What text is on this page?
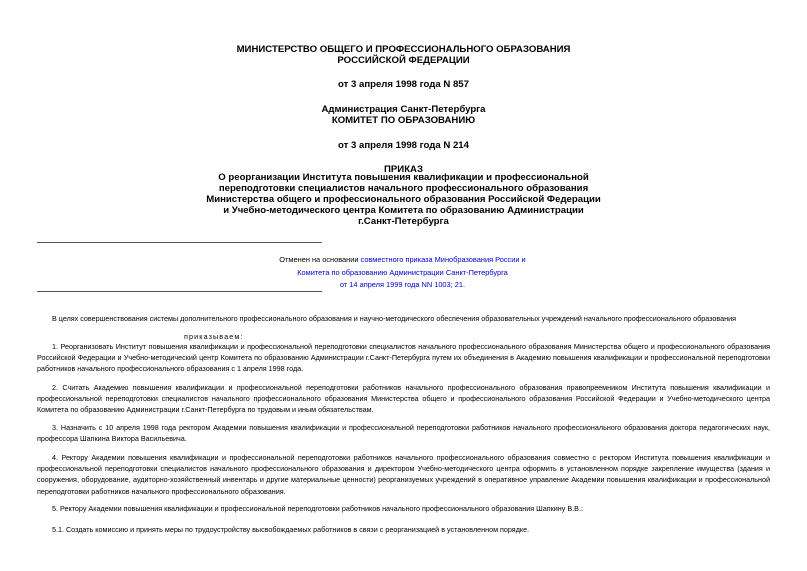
МИНИСТЕРСТВО ОБЩЕГО И ПРОФЕССИОНАЛЬНОГО ОБРАЗОВАНИЯ
РОССИЙСКОЙ ФЕДЕРАЦИИ
от 3 апреля 1998 года N 857
Администрация Санкт-Петербурга
КОМИТЕТ ПО ОБРАЗОВАНИЮ
от 3 апреля 1998 года N 214
ПРИКАЗ
О реорганизации Института повышения квалификации и профессиональной
переподготовки специалистов начального профессионального образования
Министерства общего и профессионального образования Российской Федерации
и Учебно-методического центра Комитета по образованию Администрации
г.Санкт-Петербурга
Отменен на основании совместного приказа Минобразования России и
Комитета по образованию Администрации Санкт-Петербурга
от 14 апреля 1999 года NN 1003; 21.
В целях совершенствования системы дополнительного профессионального образования и научно-методического обеспечения образовательных учреждений начального профессионального образования
приказываем:
1. Реорганизовать Институт повышения квалификации и профессиональной переподготовки специалистов начального профессионального образования Министерства общего и профессионального образования Российской Федерации и Учебно-методический центр Комитета по образованию Администрации г.Санкт-Петербурга путем их объединения в Академию повышения квалификации и профессиональной переподготовки работников начального профессионального образования с 1 апреля 1998 года.
2. Считать Академию повышения квалификации и профессиональной переподготовки работников начального профессионального образования правопреемником Института повышения квалификации и профессиональной переподготовки специалистов начального профессионального образования Министерства общего и профессионального образования Российской Федерации и Учебно-методического центра Комитета по образованию Администрации г.Санкт-Петербурга по трудовым и иным обязательствам.
3. Назначить с 10 апреля 1998 года ректором Академии повышения квалификации и профессиональной переподготовки работников начального профессионального образования доктора педагогических наук, профессора Шапкина Виктора Васильевича.
4. Ректору Академии повышения квалификации и профессиональной переподготовки работников начального профессионального образования совместно с ректором Института повышения квалификации и профессиональной переподготовки специалистов начального профессионального образования и директором Учебно-методического центра оформить в установленном порядке закрепление имущества (здания и сооружения, оборудование, аудиторно-хозяйственный инвентарь и другие материальные ценности) реорганизуемых учреждений в оперативное управление Академии повышения квалификации и профессиональной переподготовки работников начального профессионального образования.
5. Ректору Академии повышения квалификации и профессиональной переподготовки работников начального профессионального образования Шапкину В.В.:
5.1. Создать комиссию и принять меры по трудоустройству высвобождаемых работников в связи с реорганизацией в установленном порядке.
